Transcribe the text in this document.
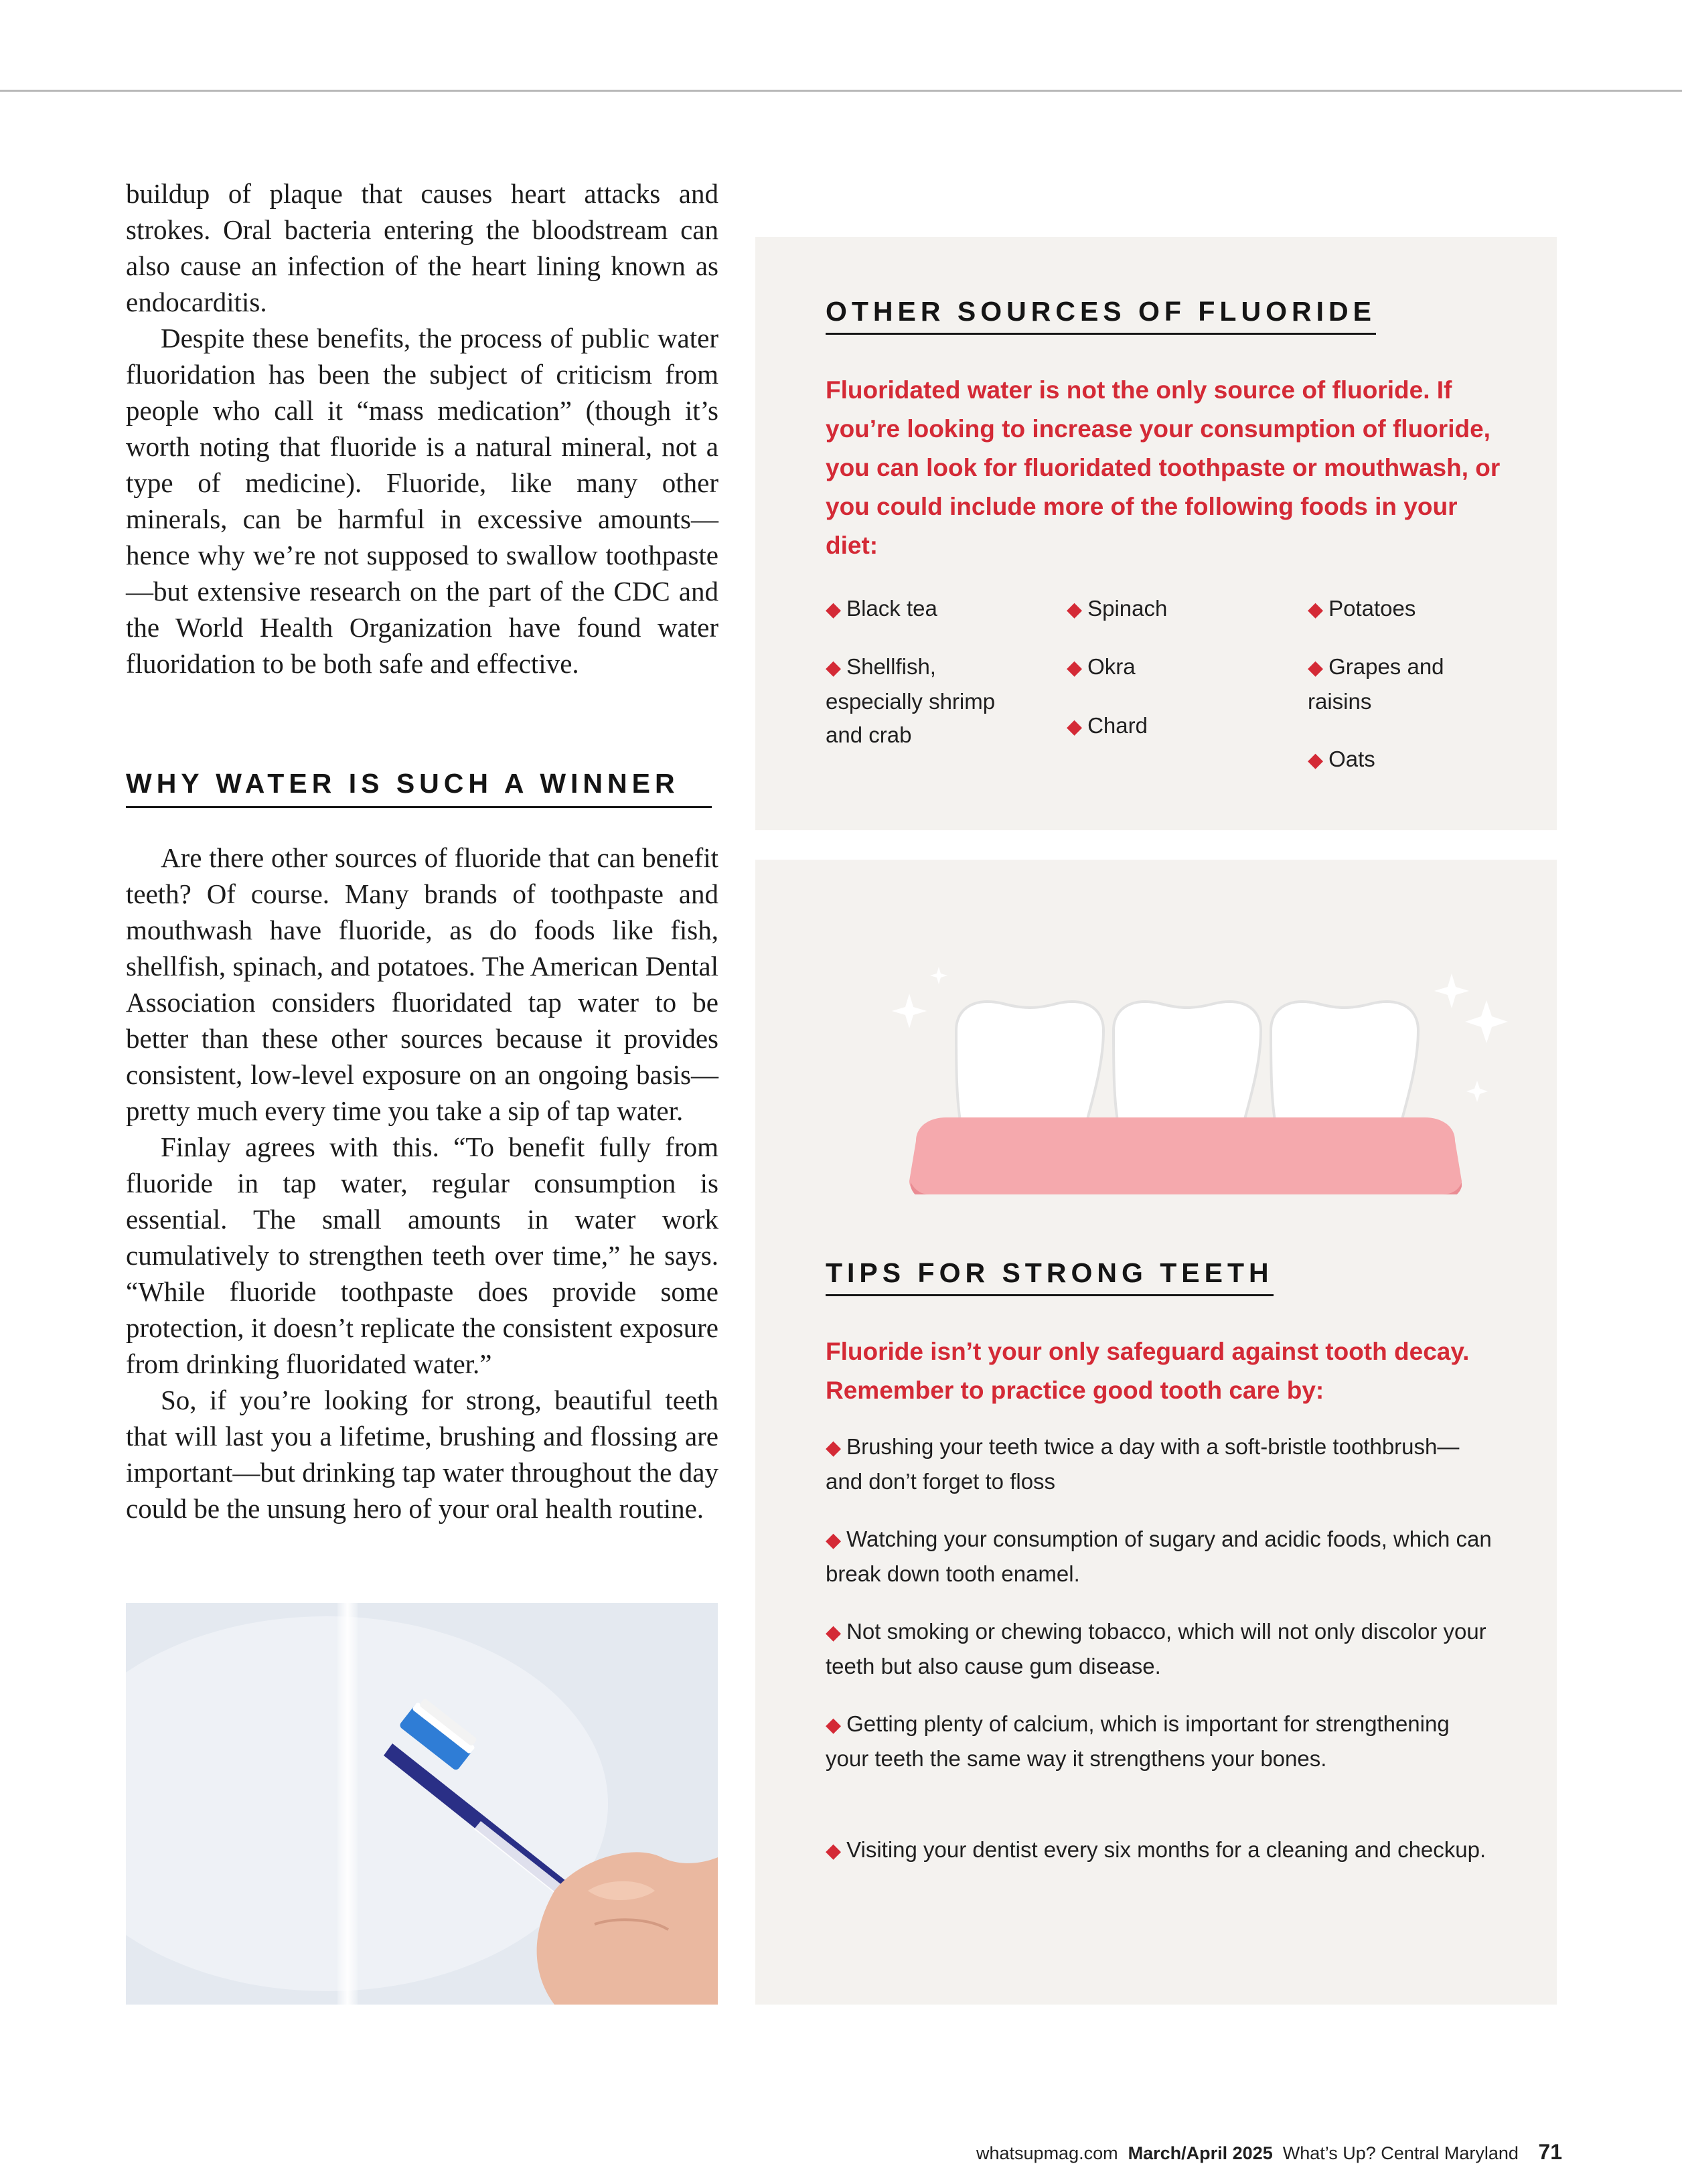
buildup of plaque that causes heart attacks and strokes. Oral bacteria entering the bloodstream can also cause an infection of the heart lining known as endocarditis.

Despite these benefits, the process of public water fluoridation has been the subject of criticism from people who call it “mass medication” (though it’s worth noting that fluoride is a natural mineral, not a type of medicine). Fluoride, like many other minerals, can be harmful in excessive amounts—hence why we’re not supposed to swallow toothpaste—but extensive research on the part of the CDC and the World Health Organization have found water fluoridation to be both safe and effective.

WHY WATER IS SUCH A WINNER

Are there other sources of fluoride that can benefit teeth? Of course. Many brands of toothpaste and mouthwash have fluoride, as do foods like fish, shellfish, spinach, and potatoes. The American Dental Association considers fluoridated tap water to be better than these other sources because it provides consistent, low-level exposure on an ongoing basis—pretty much every time you take a sip of tap water.

Finlay agrees with this. “To benefit fully from fluoride in tap water, regular consumption is essential. The small amounts in water work cumulatively to strengthen teeth over time,” he says. “While fluoride toothpaste does provide some protection, it doesn’t replicate the consistent exposure from drinking fluoridated water.”

So, if you’re looking for strong, beautiful teeth that will last you a lifetime, brushing and flossing are important—but drinking tap water throughout the day could be the unsung hero of your oral health routine.

OTHER SOURCES OF FLUORIDE

Fluoridated water is not the only source of fluoride. If you’re looking to increase your consumption of fluoride, you can look for fluoridated toothpaste or mouthwash, or you could include more of the following foods in your diet:

◆ Black tea	◆ Spinach	◆ Potatoes
◆ Shellfish, especially shrimp and crab
◆ Okra	◆ Grapes and raisins
◆ Chard
◆ Oats
TIPS FOR STRONG TEETH

Fluoride isn’t your only safeguard against tooth decay. Remember to practice good tooth care by:

◆ Brushing your teeth twice a day with a soft-bristle toothbrush—and don’t forget to floss

◆ Watching your consumption of sugary and acidic foods, which can break down tooth enamel.

◆ Not smoking or chewing tobacco, which will not only discolor your teeth but also cause gum disease.

◆ Getting plenty of calcium, which is important for strengthening your teeth the same way it strengthens your bones.

◆ Visiting your dentist every six months for a cleaning and checkup.

whatsupmag.com March/April 2025 What’s Up? Central Maryland 71
